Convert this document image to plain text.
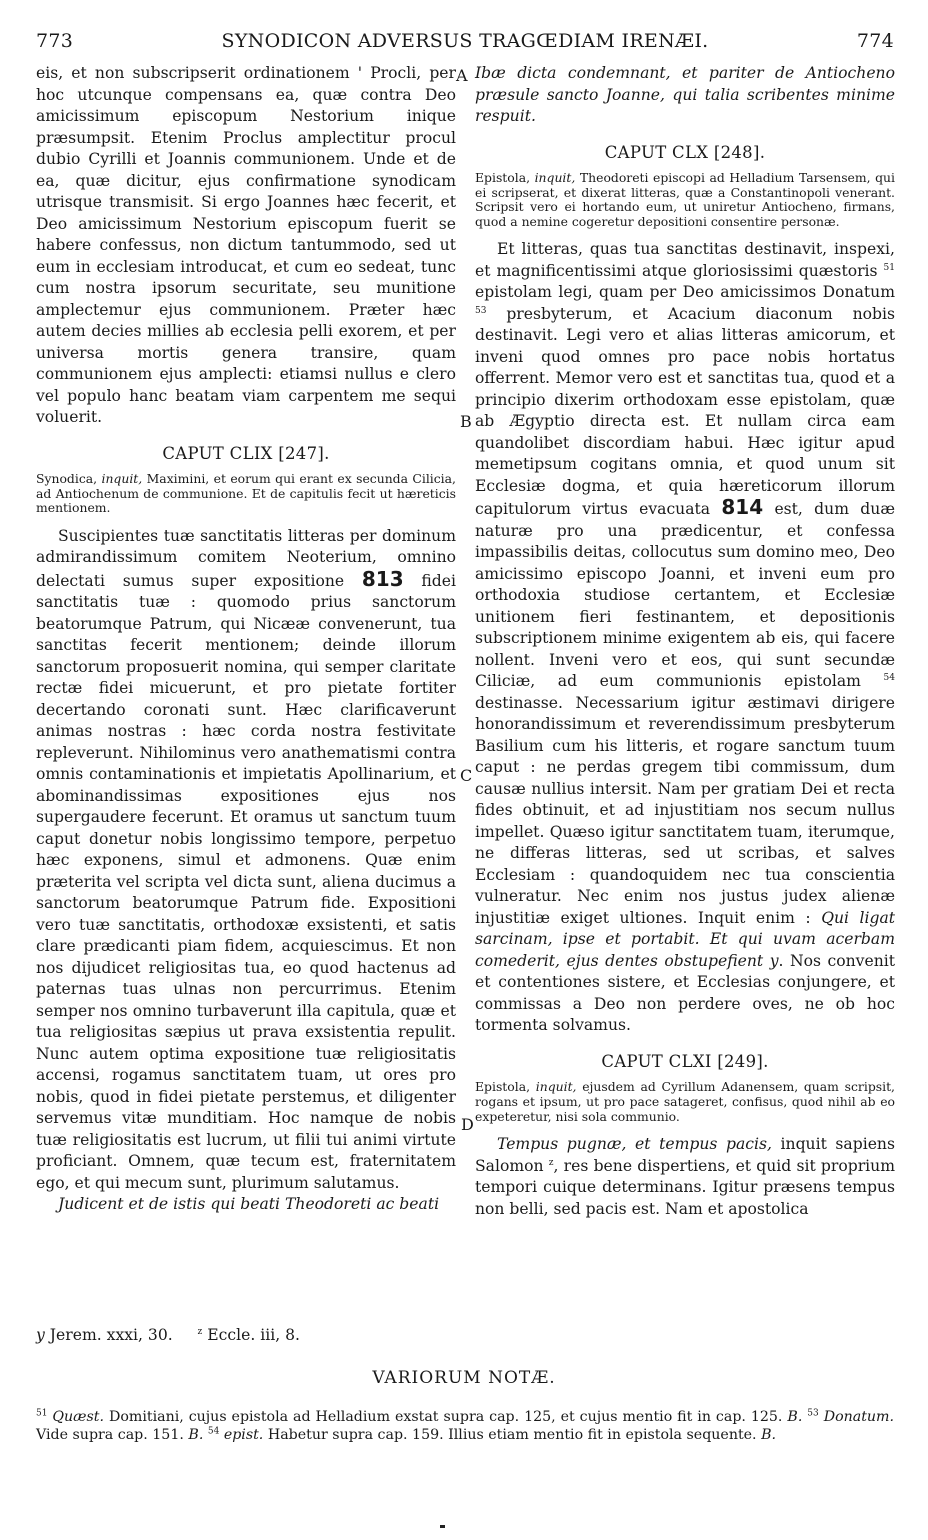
773	SYNODICON ADVERSUS TRAGŒDIAM IRENÆI.	774
A
B
C
D

eis, et non subscripserit ordinationem ' Procli, per hoc utcunque compensans ea, quæ contra Deo amicissimum episcopum Nestorium inique præsumpsit. Etenim Proclus amplectitur procul dubio Cyrilli et Joannis communionem. Unde et de ea, quæ dicitur, ejus confirmatione synodicam utrisque transmisit. Si ergo Joannes hæc fecerit, et Deo amicissimum Nestorium episcopum fuerit se habere confessus, non dictum tantummodo, sed ut eum in ecclesiam introducat, et cum eo sedeat, tunc cum nostra ipsorum securitate, seu munitione amplectemur ejus communionem. Præter hæc autem decies millies ab ecclesia pelli exorem, et per universa mortis genera transire, quam communionem ejus amplecti: etiamsi nullus e clero vel populo hanc beatam viam carpentem me sequi voluerit.

CAPUT CLIX [247].
Synodica, inquit, Maximini, et eorum qui erant ex secunda Cilicia, ad Antiochenum de communione. Et de capitulis fecit ut hæreticis mentionem.

Suscipientes tuæ sanctitatis litteras per dominum admirandissimum comitem Neoterium, omnino delectati sumus super expositione 813 fidei sanctitatis tuæ : quomodo prius sanctorum beatorumque Patrum, qui Nicææ convenerunt, tua sanctitas fecerit mentionem; deinde illorum sanctorum proposuerit nomina, qui semper claritate rectæ fidei micuerunt, et pro pietate fortiter decertando coronati sunt. Hæc clarificaverunt animas nostras : hæc corda nostra festivitate repleverunt. Nihilominus vero anathematismi contra omnis contaminationis et impietatis Apollinarium, et abominandissimas expositiones ejus nos supergaudere fecerunt. Et oramus ut sanctum tuum caput donetur nobis longissimo tempore, perpetuo hæc exponens, simul et admonens. Quæ enim præterita vel scripta vel dicta sunt, aliena ducimus a sanctorum beatorumque Patrum fide. Expositioni vero tuæ sanctitatis, orthodoxæ exsistenti, et satis clare prædicanti piam fidem, acquiescimus. Et non nos dijudicet religiositas tua, eo quod hactenus ad paternas tuas ulnas non percurrimus. Etenim semper nos omnino turbaverunt illa capitula, quæ et tua religiositas sæpius ut prava exsistentia repulit. Nunc autem optima expositione tuæ religiositatis accensi, rogamus sanctitatem tuam, ut ores pro nobis, quod in fidei pietate perstemus, et diligenter servemus vitæ munditiam. Hoc namque de nobis tuæ religiositatis est lucrum, ut filii tui animi virtute proficiant. Omnem, quæ tecum est, fraternitatem ego, et qui mecum sunt, plurimum salutamus.

Judicent et de istis qui beati Theodoreti ac beati

Ibæ dicta condemnant, et pariter de Antiocheno præsule sancto Joanne, qui talia scribentes minime respuit.

CAPUT CLX [248].
Epistola, inquit, Theodoreti episcopi ad Helladium Tarsensem, qui ei scripserat, et dixerat litteras, quæ a Constantinopoli venerant. Scripsit vero ei hortando eum, ut uniretur Antiocheno, firmans, quod a nemine cogeretur depositioni consentire personæ.

Et litteras, quas tua sanctitas destinavit, inspexi, et magnificentissimi atque gloriosissimi quæstoris $^{51}$ epistolam legi, quam per Deo amicissimos Donatum $^{53}$ presbyterum, et Acacium diaconum nobis destinavit. Legi vero et alias litteras amicorum, et inveni quod omnes pro pace nobis hortatus offerrent. Memor vero est et sanctitas tua, quod et a principio dixerim orthodoxam esse epistolam, quæ ab Ægyptio directa est. Et nullam circa eam quandolibet discordiam habui. Hæc igitur apud memetipsum cogitans omnia, et quod unum sit Ecclesiæ dogma, et quia hæreticorum illorum capitulorum virtus evacuata 814 est, dum duæ naturæ pro una prædicentur, et confessa impassibilis deitas, collocutus sum domino meo, Deo amicissimo episcopo Joanni, et inveni eum pro orthodoxia studiose certantem, et Ecclesiæ unitionem fieri festinantem, et depositionis subscriptionem minime exigentem ab eis, qui facere nollent. Inveni vero et eos, qui sunt secundæ Ciliciæ, ad eum communionis epistolam	$^{54}$ destinasse. Necessarium igitur æstimavi dirigere honorandissimum et reverendissimum presbyterum Basilium cum his litteris, et rogare sanctum tuum caput : ne perdas gregem tibi commissum, dum causæ nullius intersit. Nam per gratiam Dei et recta fides obtinuit, et ad injustitiam nos secum nullus impellet. Quæso igitur sanctitatem tuam, iterumque, ne differas litteras, sed ut scribas, et salves Ecclesiam : quandoquidem nec tua conscientia vulneratur. Nec enim nos justus judex alienæ injustitiæ exiget ultiones. Inquit enim : Qui ligat sarcinam, ipse et portabit. Et qui uvam acerbam comederit, ejus dentes obstupefient y. Nos convenit et contentiones sistere, et Ecclesias conjungere, et commissas a Deo non perdere oves, ne ob hoc tormenta solvamus.

CAPUT CLXI [249].
Epistola, inquit, ejusdem ad Cyrillum Adanensem, quam scripsit, rogans et ipsum, ut pro pace satageret, confisus, quod nihil ab eo expeteretur, nisi sola communio.

Tempus pugnæ, et tempus pacis, inquit sapiens Salomon $^z$, res bene dispertiens, et quid sit proprium tempori cuique determinans. Igitur præsens tempus non belli, sed pacis est. Nam et apostolica

y Jerem. xxxi, 30.	$^z$ Eccle. iii, 8.
VARIORUM NOTÆ.
$^{51}$ Quæst. Domitiani, cujus epistola ad Helladium exstat supra cap. 125, et cujus mentio fit in cap. 125. B. $^{53}$ Donatum. Vide supra cap. 151. B. $^{54}$ epist. Habetur supra cap. 159. Illius etiam mentio fit in epistola sequente. B.
